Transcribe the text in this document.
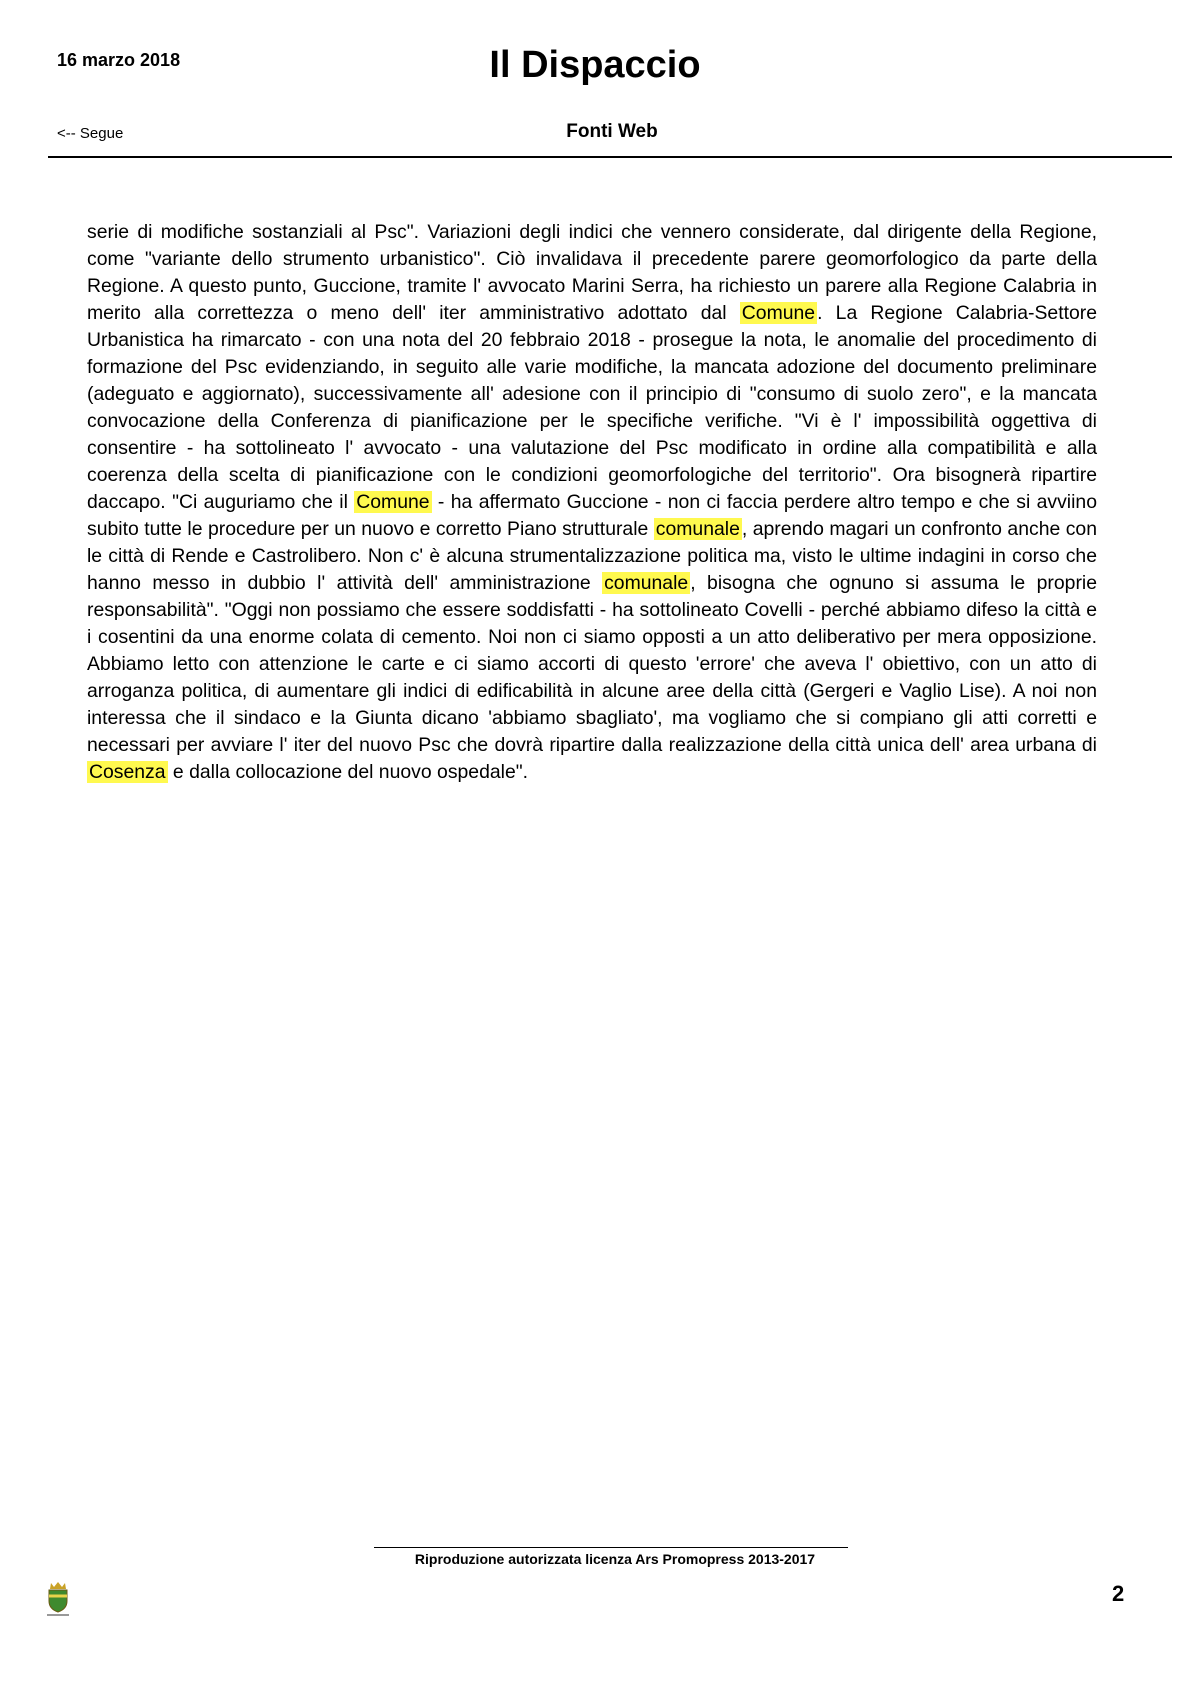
16 marzo 2018	Il Dispaccio
<-- Segue	Fonti Web

serie di modifiche sostanziali al Psc". Variazioni degli indici che vennero considerate, dal dirigente della Regione, come "variante dello strumento urbanistico". Ciò invalidava il precedente parere geomorfologico da parte della Regione. A questo punto, Guccione, tramite l' avvocato Marini Serra, ha richiesto un parere alla Regione Calabria in merito alla correttezza o meno dell' iter amministrativo adottato dal Comune . La Regione Calabria-Settore Urbanistica ha rimarcato - con una nota del 20 febbraio 2018 - prosegue la nota, le anomalie del procedimento di formazione del Psc evidenziando, in seguito alle varie modifiche, la mancata adozione del documento preliminare (adeguato e aggiornato), successivamente all' adesione con il principio di "consumo di suolo zero", e la mancata convocazione della Conferenza di pianificazione per le specifiche verifiche. "Vi è l' impossibilità oggettiva di consentire - ha sottolineato l' avvocato - una valutazione del Psc modificato in ordine alla compatibilità e alla coerenza della scelta di pianificazione con le condizioni geomorfologiche del territorio". Ora bisognerà ripartire daccapo. "Ci auguriamo che il Comune - ha affermato Guccione - non ci faccia perdere altro tempo e che si avviino subito tutte le procedure per un nuovo e corretto Piano strutturale comunale , aprendo magari un confronto anche con le città di Rende e Castrolibero. Non c' è alcuna strumentalizzazione politica ma, visto le ultime indagini in corso che hanno messo in dubbio l' attività dell' amministrazione comunale , bisogna che ognuno si assuma le proprie responsabilità". "Oggi non possiamo che essere soddisfatti - ha sottolineato Covelli - perché abbiamo difeso la città e i cosentini da una enorme colata di cemento. Noi non ci siamo opposti a un atto deliberativo per mera opposizione. Abbiamo letto con attenzione le carte e ci siamo accorti di questo 'errore' che aveva l' obiettivo, con un atto di arroganza politica, di aumentare gli indici di edificabilità in alcune aree della città (Gergeri e Vaglio Lise). A noi non interessa che il sindaco e la Giunta dicano 'abbiamo sbagliato', ma vogliamo che si compiano gli atti corretti e necessari per avviare l' iter del nuovo Psc che dovrà ripartire dalla realizzazione della città unica dell' area urbana di Cosenza e dalla collocazione del nuovo ospedale".

Riproduzione autorizzata licenza Ars Promopress 2013-2017
2
